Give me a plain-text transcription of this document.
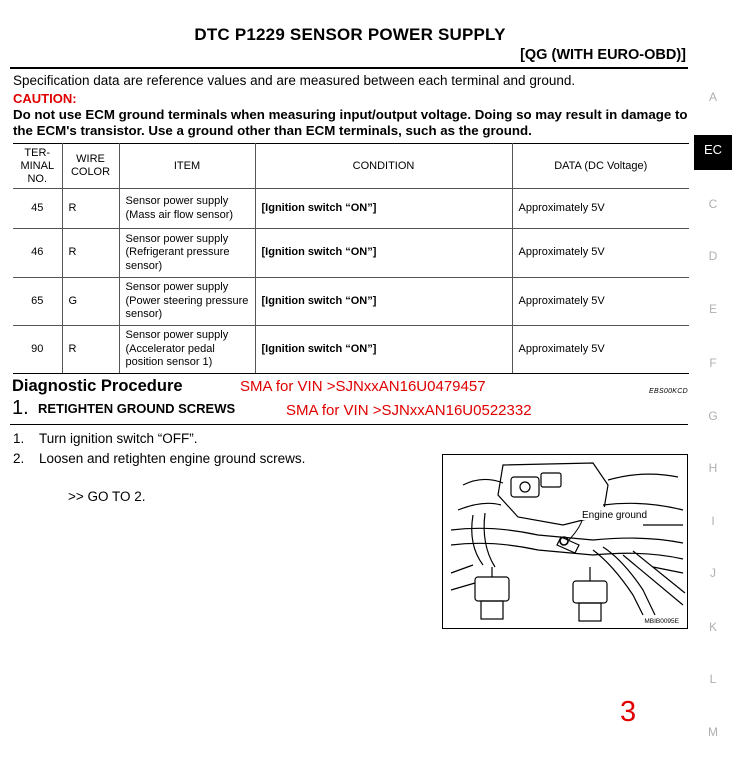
DTC P1229 SENSOR POWER SUPPLY
[QG (WITH EURO-OBD)]
Specification data are reference values and are measured between each terminal and ground.
CAUTION:
Do not use ECM ground terminals when measuring input/output voltage. Doing so may result in damage to the ECM's transistor. Use a ground other than ECM terminals, such as the ground.
TER-MINAL NO.	WIRE COLOR	ITEM	CONDITION	DATA (DC Voltage)
45	R	Sensor power supply (Mass air flow sensor)	[Ignition switch “ON”]	Approximately 5V
46	R	Sensor power supply (Refrigerant pressure sensor)	[Ignition switch “ON”]	Approximately 5V
65	G	Sensor power supply (Power steering pressure sensor)	[Ignition switch “ON”]	Approximately 5V
90	R	Sensor power supply (Accelerator pedal position sensor 1)	[Ignition switch “ON”]	Approximately 5V
Diagnostic Procedure	SMA for VIN >SJNxxAN16U0479457	EBS00KCD
1. RETIGHTEN GROUND SCREWS	SMA for VIN >SJNxxAN16U0522332
1. Turn ignition switch “OFF”.
2. Loosen and retighten engine ground screws.
>> GO TO 2.
Engine ground
MBIB0095E
3
A
EC
C
D
E
F
G
H
I
J
K
L
M
